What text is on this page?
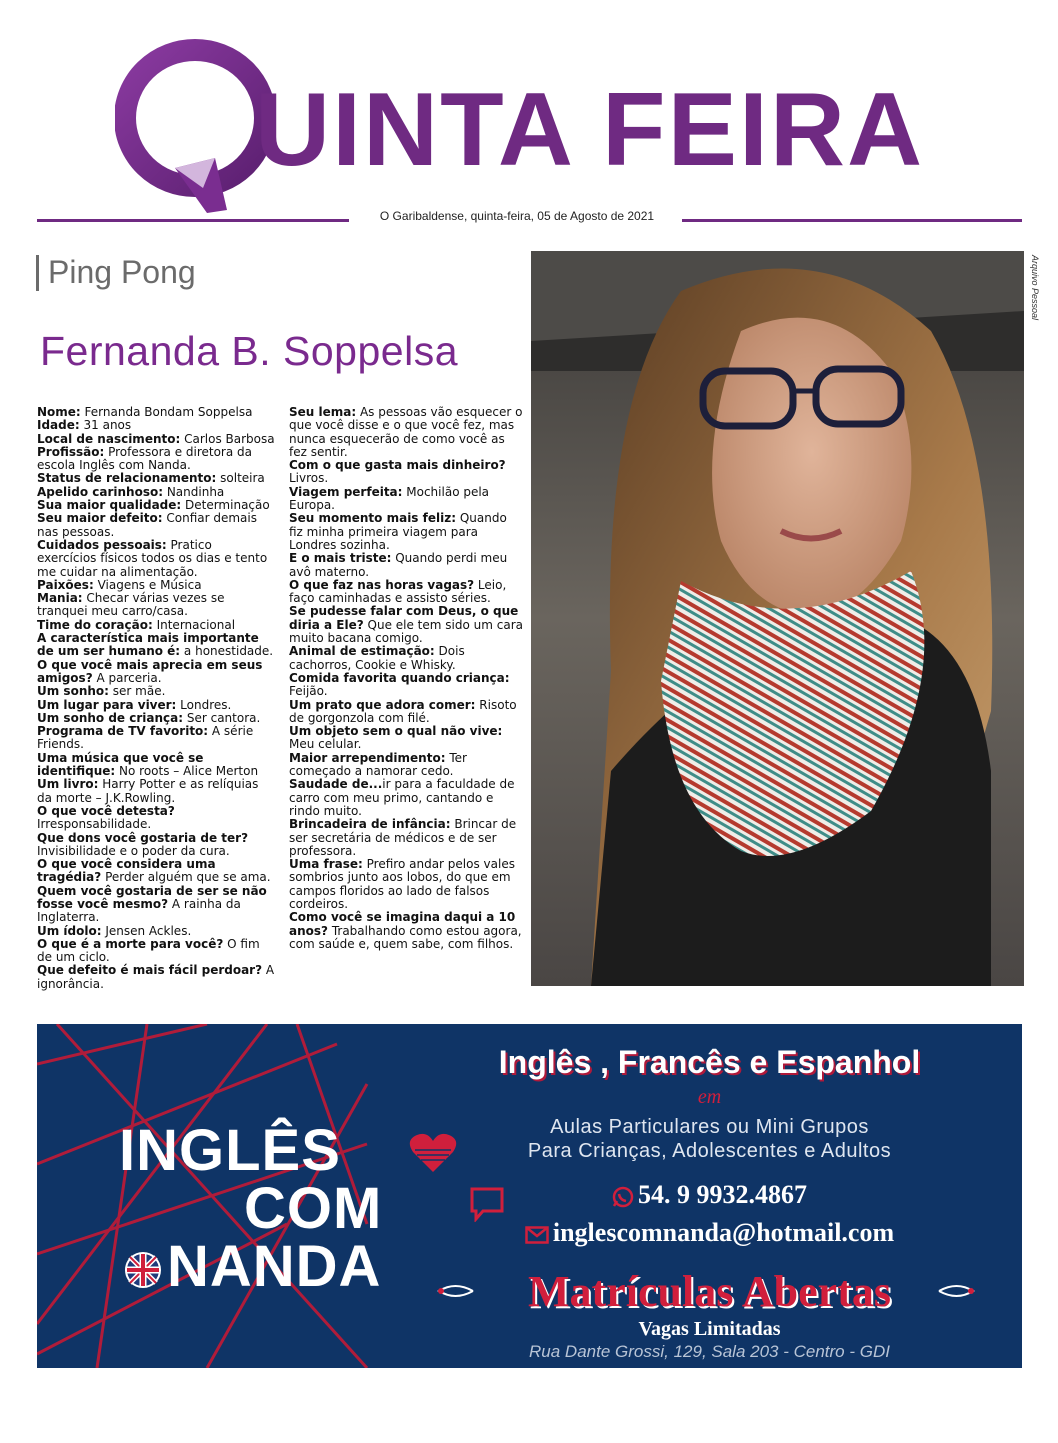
UINTA FEIRA
O Garibaldense, quinta-feira, 05 de Agosto de 2021
Ping Pong
Fernanda B. Soppelsa

Nome: Fernanda Bondam Soppelsa

Idade: 31 anos

Local de nascimento: Carlos Barbosa

Profissão: Professora e diretora da escola Inglês com Nanda.

Status de relacionamento: solteira

Apelido carinhoso: Nandinha

Sua maior qualidade: Determinação

Seu maior defeito: Confiar demais nas pessoas.

Cuidados pessoais: Pratico exercícios físicos todos os dias e tento me cuidar na alimentação.

Paixões: Viagens e Música

Mania: Checar várias vezes se tranquei meu carro/casa.

Time do coração: Internacional

A característica mais importante de um ser humano é: a honestidade.

O que você mais aprecia em seus amigos? A parceria.

Um sonho: ser mãe.

Um lugar para viver: Londres.

Um sonho de criança: Ser cantora.

Programa de TV favorito: A série Friends.

Uma música que você se identifique: No roots – Alice Merton

Um livro: Harry Potter e as relíquias da morte – J.K.Rowling.

O que você detesta? Irresponsabilidade.

Que dons você gostaria de ter? Invisibilidade e o poder da cura.

O que você considera uma tragédia? Perder alguém que se ama.

Quem você gostaria de ser se não fosse você mesmo? A rainha da Inglaterra.

Um ídolo: Jensen Ackles.

O que é a morte para você? O fim de um ciclo.

Que defeito é mais fácil perdoar? A ignorância.

Seu lema: As pessoas vão esquecer o que você disse e o que você fez, mas nunca esquecerão de como você as fez sentir.

Com o que gasta mais dinheiro? Livros.

Viagem perfeita: Mochilão pela Europa.

Seu momento mais feliz: Quando fiz minha primeira viagem para Londres sozinha.

E o mais triste: Quando perdi meu avô materno.

O que faz nas horas vagas? Leio, faço caminhadas e assisto séries.

Se pudesse falar com Deus, o que diria a Ele? Que ele tem sido um cara muito bacana comigo.

Animal de estimação: Dois cachorros, Cookie e Whisky.

Comida favorita quando criança: Feijão.

Um prato que adora comer: Risoto de gorgonzola com filé.

Um objeto sem o qual não vive: Meu celular.

Maior arrependimento: Ter começado a namorar cedo.

Saudade de...ir para a faculdade de carro com meu primo, cantando e rindo muito.

Brincadeira de infância: Brincar de ser secretária de médicos e de ser professora.

Uma frase: Prefiro andar pelos vales sombrios junto aos lobos, do que em campos floridos ao lado de falsos cordeiros.

Como você se imagina daqui a 10 anos? Trabalhando como estou agora, com saúde e, quem sabe, com filhos.

Arquivo Pessoal
INGLÊS
COM
NANDA
Inglês , Francês e Espanhol
em
Aulas Particulares ou Mini Grupos
Para Crianças, Adolescentes e Adultos
54. 9 9932.4867
inglescomnanda@hotmail.com
Matrículas Abertas
Vagas Limitadas
Rua Dante Grossi, 129, Sala 203 - Centro - GDI
